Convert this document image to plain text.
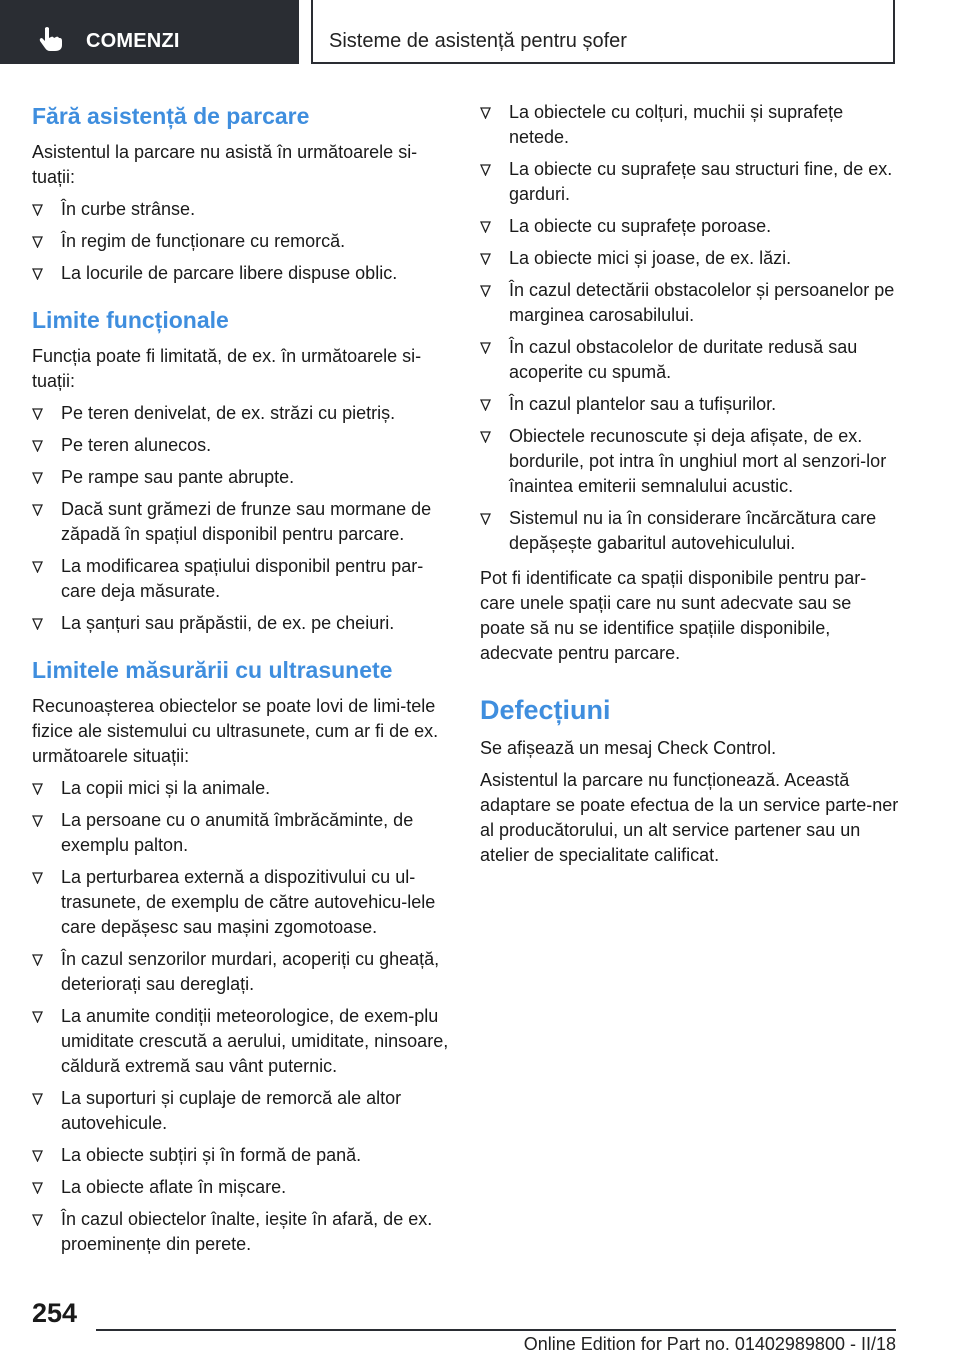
COMENZI	Sisteme de asistență pentru șofer
Fără asistență de parcare

Asistentul la parcare nu asistă în următoarele si-tuații:

În curbe strânse.
În regim de funcționare cu remorcă.
La locurile de parcare libere dispuse oblic.
Limite funcționale

Funcția poate fi limitată, de ex. în următoarele si-tuații:

Pe teren denivelat, de ex. străzi cu pietriș.
Pe teren alunecos.
Pe rampe sau pante abrupte.
Dacă sunt grămezi de frunze sau mormane de zăpadă în spațiul disponibil pentru parcare.
La modificarea spațiului disponibil pentru par-care deja măsurate.
La șanțuri sau prăpăstii, de ex. pe cheiuri.
Limitele măsurării cu ultrasunete

Recunoașterea obiectelor se poate lovi de limi-tele fizice ale sistemului cu ultrasunete, cum ar fi de ex. următoarele situații:

La copii mici și la animale.
La persoane cu o anumită îmbrăcăminte, de exemplu palton.
La perturbarea externă a dispozitivului cu ul-trasunete, de exemplu de către autovehicu-lele care depășesc sau mașini zgomotoase.
În cazul senzorilor murdari, acoperiți cu gheață, deteriorați sau dereglați.
La anumite condiții meteorologice, de exem-plu umiditate crescută a aerului, umiditate, ninsoare, căldură extremă sau vânt puternic.
La suporturi și cuplaje de remorcă ale altor autovehicule.
La obiecte subțiri și în formă de pană.
La obiecte aflate în mișcare.
În cazul obiectelor înalte, ieșite în afară, de ex. proeminențe din perete.
La obiectele cu colțuri, muchii și suprafețe netede.
La obiecte cu suprafețe sau structuri fine, de ex. garduri.
La obiecte cu suprafețe poroase.
La obiecte mici și joase, de ex. lăzi.
În cazul detectării obstacolelor și persoanelor pe marginea carosabilului.
În cazul obstacolelor de duritate redusă sau acoperite cu spumă.
În cazul plantelor sau a tufișurilor.
Obiectele recunoscute și deja afișate, de ex. bordurile, pot intra în unghiul mort al senzori-lor înaintea emiterii semnalului acustic.
Sistemul nu ia în considerare încărcătura care depășește gabaritul autovehiculului.

Pot fi identificate ca spații disponibile pentru par-care unele spații care nu sunt adecvate sau se poate să nu se identifice spațiile disponibile, adecvate pentru parcare.

Defecțiuni

Se afișează un mesaj Check Control.

Asistentul la parcare nu funcționează. Această adaptare se poate efectua de la un service parte-ner al producătorului, un alt service partener sau un atelier de specialitate calificat.

254
Online Edition for Part no. 01402989800 - II/18
